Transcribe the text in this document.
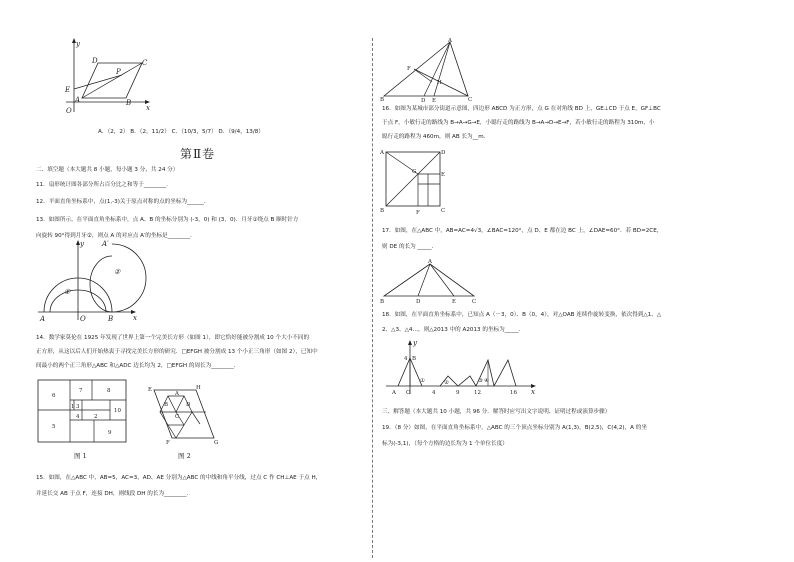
y
x
O
A	B
C
D
E
P
A．（2，2） B．（2，11/2） C．（10/3，5/7） D．（9/4，13/8）
第Ⅱ卷
二、填空题（本大题共 8 小题，每小题 3 分，共 24 分）
11．扇形统计图各部分所占百分比之和等于________．
12．平面直角坐标系中，点(1,-3)关于原点对称的点的坐标为______．
13．如图所示，在平面直角坐标系中，点 A、B 的坐标分别为 (-3，0) 和 (3，0)．月牙①绕点 B 顺时针方
向旋转 90°得到月牙②，则点 A 的对应点 A′的坐标是________．
y
x
A	O	B
A′
①
②
14．数学家莫伦在 1925 年发现了世界上第一个完美长方形（如图 1），即它恰好能被分割成 10 个大小不同的
正方形，从这以后人们开始热衷于寻找完美长方形的研究．□EFGH 被分割成 13 个小正三角形（如图 2），已知中
间最小的两个正三角形△ABC 和△ADC 边长均为 2，□EFGH 的周长为________．
6
7	8
1 3
10
4	2
5
9
图 1
E	H
B
A
D
C
F	G
图 2
15．如图，在△ABC 中，AB=5，AC=3，AD、AE 分别为△ABC 的中线和角平分线，过点 C 作 CH⊥AE 于点 H，
并延长交 AB 于点 F，连接 DH，则线段 DH 的长为________．
A
F
H
B	D E	C
16．如图为某城市部分街道示意图，四边形 ABCD 为正方形，点 G 在对角线 BD 上，GE⊥CD 于点 E，GF⊥BC
于点 F，小敏行走的路线为 B→A→G→E，小聪行走的路线为 B→A→D→E→F，若小敏行走的路程为 310m，小
聪行走的路程为 460m，则 AB 长为__m．
A	D
G	E
B	F	C
17．如图，在△ABC 中，AB=AC=4√3，∠BAC=120°，点 D、E 都在边 BC 上，∠DAE=60°．若 BD=2CE，
则 DE 的长为 _____．
A
B	D	E	C
18．如图，在平面直角坐标系中，已知点 A（－3，0）、B（0，4），对△OAB 连续作旋转变换，依次得到△1、△
2、△3、△4…，则△2013 中的 A2013 的坐标为_____．
y
x
A O
B
4
4	9	12	16
①	②	③ ④
三、解答题（本大题共 10 小题，共 96 分．解答时应写出文字说明、证明过程或演算步骤）
19．（8 分）如图，在平面直角坐标系中，△ABC 的三个顶点坐标分别为 A(1,3)，B(2,5)，C(4,2)，A 的坐
标为(-3,1)，（每个方格的边长均为 1 个单位长度）
